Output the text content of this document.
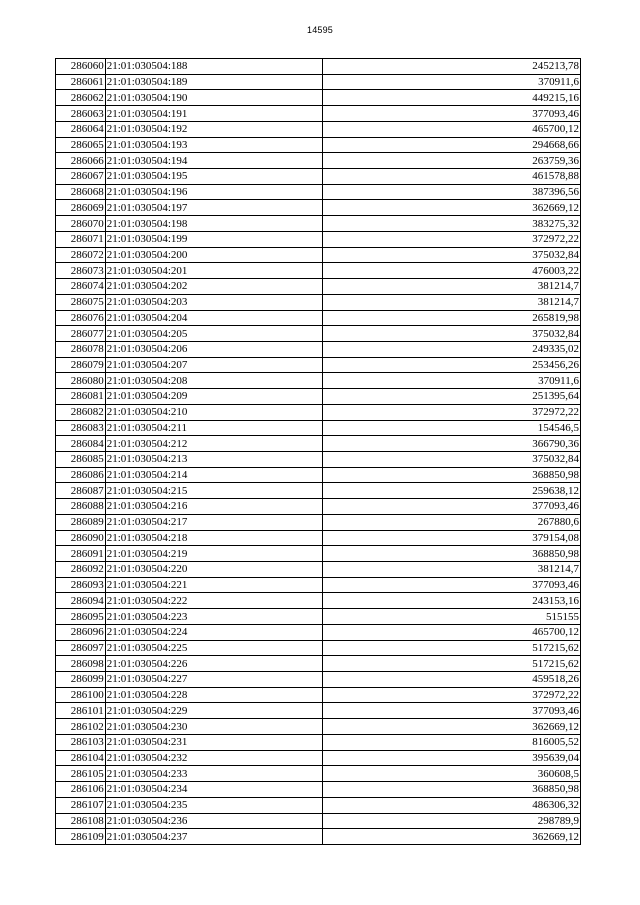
14595
286060	21:01:030504:188	245213,78
286061	21:01:030504:189	370911,6
286062	21:01:030504:190	449215,16
286063	21:01:030504:191	377093,46
286064	21:01:030504:192	465700,12
286065	21:01:030504:193	294668,66
286066	21:01:030504:194	263759,36
286067	21:01:030504:195	461578,88
286068	21:01:030504:196	387396,56
286069	21:01:030504:197	362669,12
286070	21:01:030504:198	383275,32
286071	21:01:030504:199	372972,22
286072	21:01:030504:200	375032,84
286073	21:01:030504:201	476003,22
286074	21:01:030504:202	381214,7
286075	21:01:030504:203	381214,7
286076	21:01:030504:204	265819,98
286077	21:01:030504:205	375032,84
286078	21:01:030504:206	249335,02
286079	21:01:030504:207	253456,26
286080	21:01:030504:208	370911,6
286081	21:01:030504:209	251395,64
286082	21:01:030504:210	372972,22
286083	21:01:030504:211	154546,5
286084	21:01:030504:212	366790,36
286085	21:01:030504:213	375032,84
286086	21:01:030504:214	368850,98
286087	21:01:030504:215	259638,12
286088	21:01:030504:216	377093,46
286089	21:01:030504:217	267880,6
286090	21:01:030504:218	379154,08
286091	21:01:030504:219	368850,98
286092	21:01:030504:220	381214,7
286093	21:01:030504:221	377093,46
286094	21:01:030504:222	243153,16
286095	21:01:030504:223	515155
286096	21:01:030504:224	465700,12
286097	21:01:030504:225	517215,62
286098	21:01:030504:226	517215,62
286099	21:01:030504:227	459518,26
286100	21:01:030504:228	372972,22
286101	21:01:030504:229	377093,46
286102	21:01:030504:230	362669,12
286103	21:01:030504:231	816005,52
286104	21:01:030504:232	395639,04
286105	21:01:030504:233	360608,5
286106	21:01:030504:234	368850,98
286107	21:01:030504:235	486306,32
286108	21:01:030504:236	298789,9
286109	21:01:030504:237	362669,12
